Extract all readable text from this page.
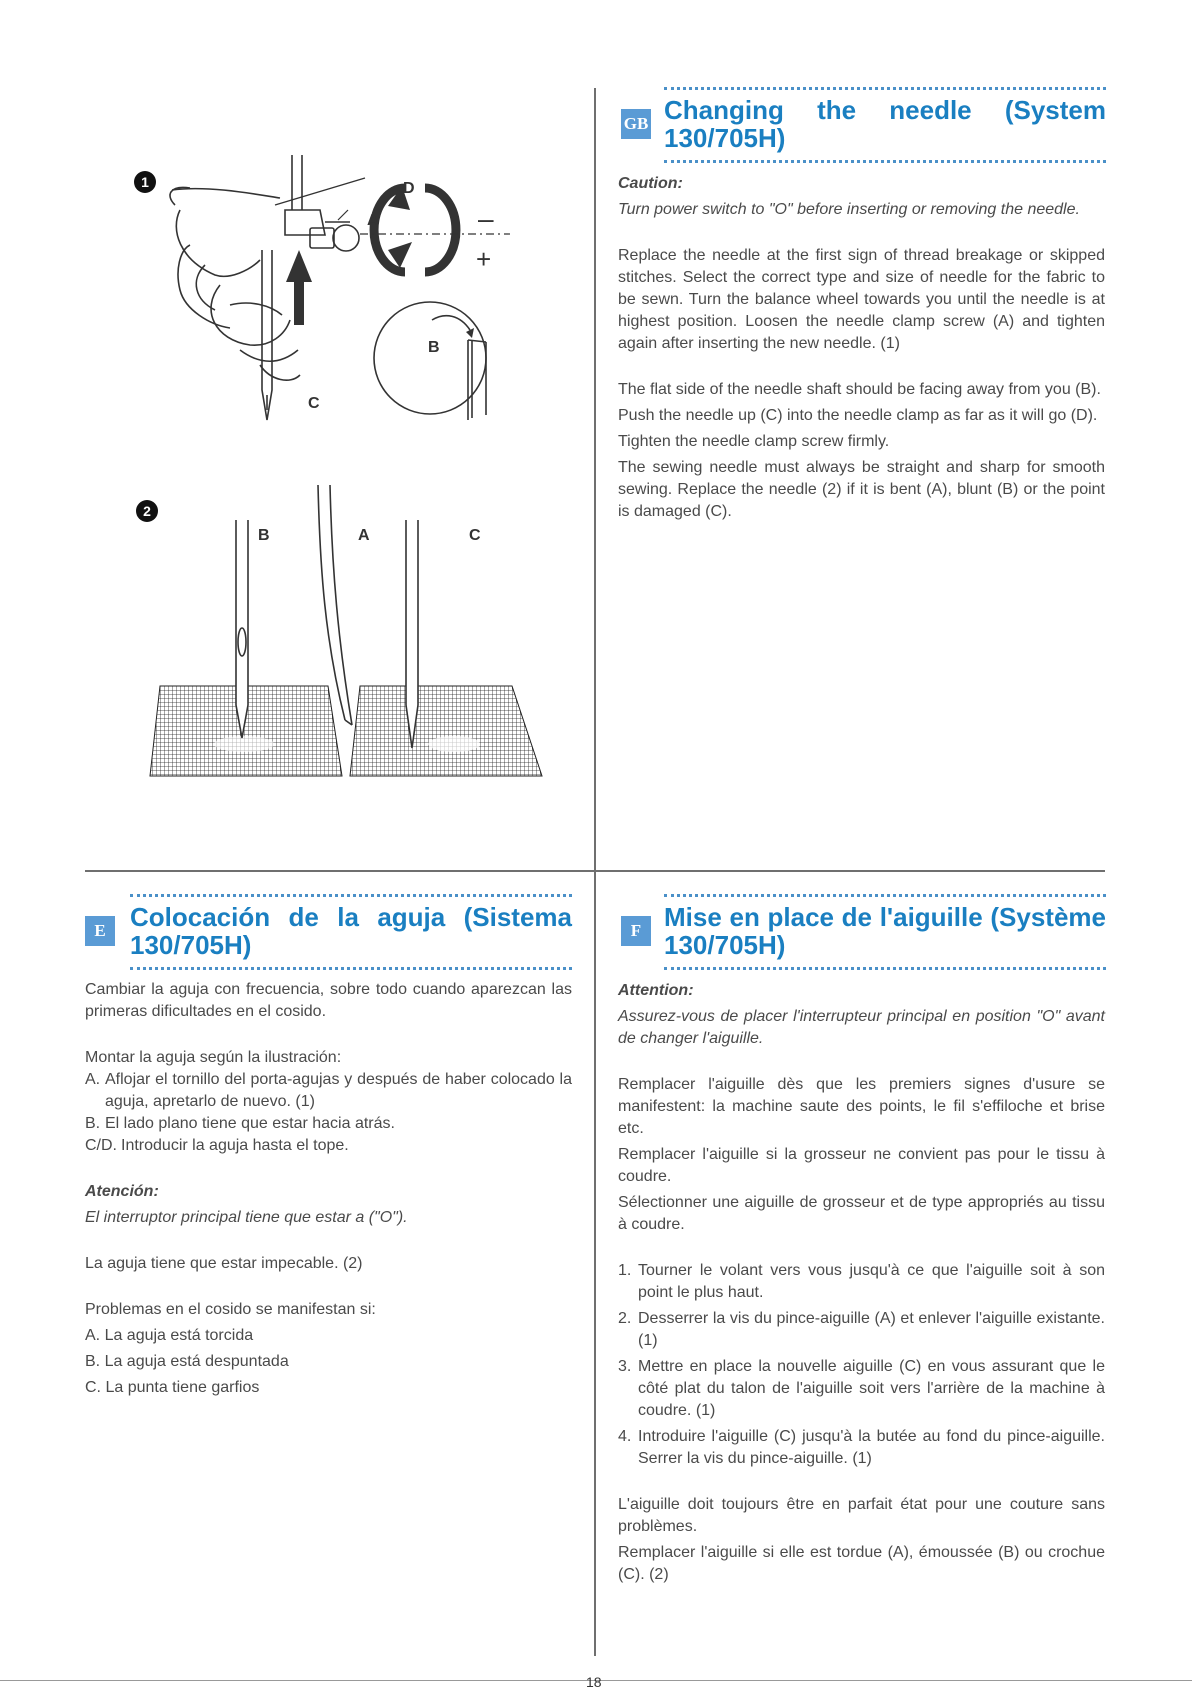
1
–
+
D
A
B
C
2
B	A	C
GB Changing the needle (System 130/705H)

Caution:

Turn power switch to "O" before inserting or removing the needle.

Replace the needle at the first sign of thread breakage or skipped stitches. Select the correct type and size of needle for the fabric to be sewn. Turn the balance wheel towards you until the needle is at highest position. Loosen the needle clamp screw (A) and tighten again after inserting the new needle. (1)

The flat side of the needle shaft should be facing away from you (B).

Push the needle up (C) into the needle clamp as far as it will go (D).

Tighten the needle clamp screw firmly.

The sewing needle must always be straight and sharp for smooth sewing. Replace the needle (2) if it is bent (A), blunt (B) or the point is damaged (C).

E Colocación de la aguja (Sistema 130/705H)

Cambiar la aguja con frecuencia, sobre todo cuando aparezcan las primeras dificultades en el cosido.

Montar la aguja según la ilustración:

A. Aflojar el tornillo del porta-agujas y después de haber colocado la aguja, apretarlo de nuevo. (1)
B. El lado plano tiene que estar hacia atrás.
C/D. Introducir la aguja hasta el tope.

Atención:

El interruptor principal tiene que estar a ("O").

La aguja tiene que estar impecable. (2)

Problemas en el cosido se manifestan si:

A. La aguja está torcida

B. La aguja está despuntada

C. La punta tiene garfios

F Mise en place de l'aiguille (Système 130/705H)

Attention:

Assurez-vous de placer l'interrupteur principal en position "O" avant de changer l'aiguille.

Remplacer l'aiguille dès que les premiers signes d'usure se manifestent: la machine saute des points, le fil s'effiloche et brise etc.

Remplacer l'aiguille si la grosseur ne convient pas pour le tissu à coudre.

Sélectionner une aiguille de grosseur et de type appropriés au tissu à coudre.

1. Tourner le volant vers vous jusqu'à ce que l'aiguille soit à son point le plus haut.
2. Desserrer la vis du pince-aiguille (A) et enlever l'aiguille existante. (1)
3. Mettre en place la nouvelle aiguille (C) en vous assurant que le côté plat du talon de l'aiguille soit vers l'arrière de la machine à coudre. (1)
4. Introduire l'aiguille (C) jusqu'à la butée au fond du pince-aiguille. Serrer la vis du pince-aiguille. (1)

L'aiguille doit toujours être en parfait état pour une couture sans problèmes.

Remplacer l'aiguille si elle est tordue (A), émoussée (B) ou crochue (C). (2)

18
